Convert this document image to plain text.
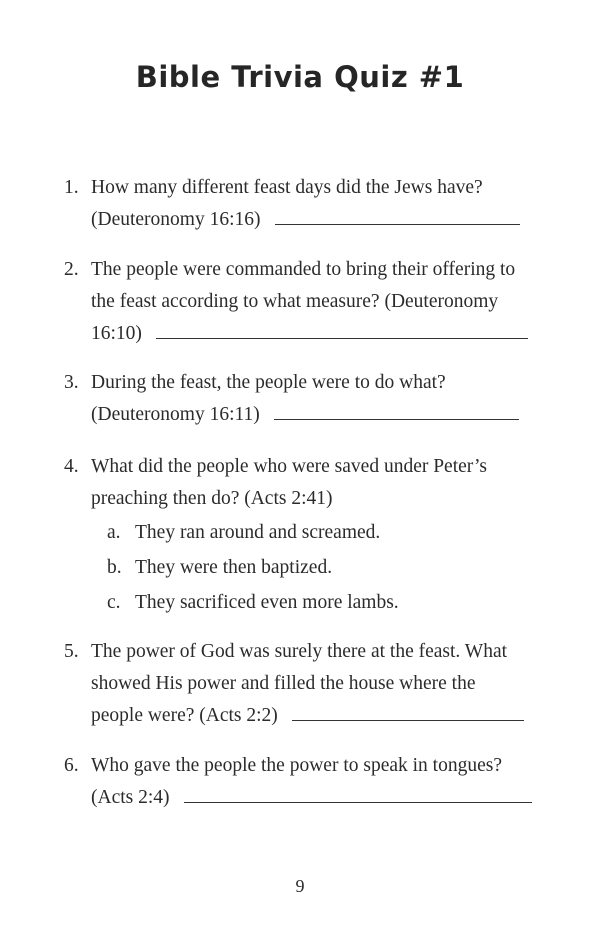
Bible Trivia Quiz #1
1. How many different feast days did the Jews have?
(Deuteronomy 16:16)
2. The people were commanded to bring their offering to
the feast according to what measure? (Deuteronomy
16:10)
3. During the feast, the people were to do what?
(Deuteronomy 16:11)
4. What did the people who were saved under Peter’s
preaching then do? (Acts 2:41)
a. They ran around and screamed.
b. They were then baptized.
c. They sacrificed even more lambs.
5. The power of God was surely there at the feast. What
showed His power and filled the house where the
people were? (Acts 2:2)
6. Who gave the people the power to speak in tongues?
(Acts 2:4)
9
